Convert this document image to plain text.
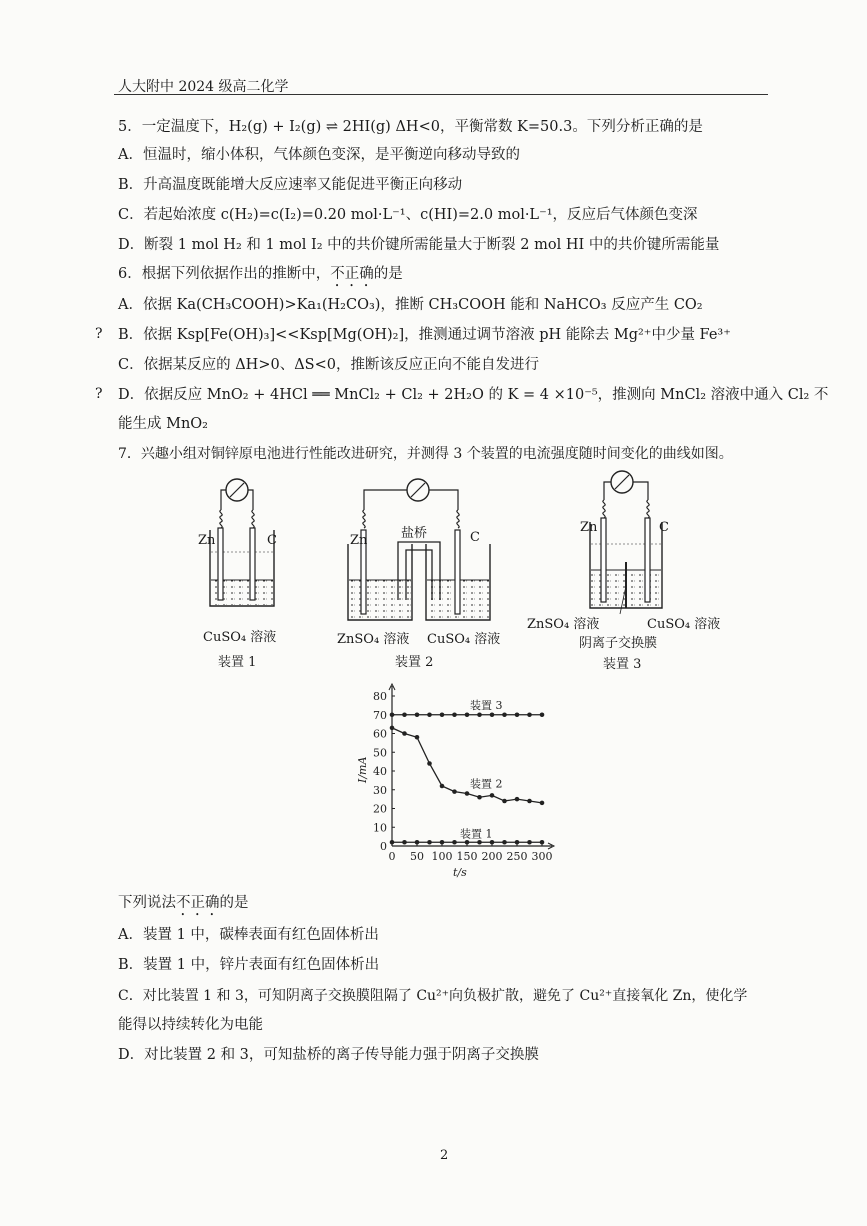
人大附中 2024 级高二化学
5．一定温度下，H₂(g) + I₂(g) ⇌ 2HI(g) ΔH<0，平衡常数 K=50.3。下列分析正确的是
A．恒温时，缩小体积，气体颜色变深，是平衡逆向移动导致的
B．升高温度既能增大反应速率又能促进平衡正向移动
C．若起始浓度 c(H₂)=c(I₂)=0.20 mol·L⁻¹、c(HI)=2.0 mol·L⁻¹，反应后气体颜色变深
D．断裂 1 mol H₂ 和 1 mol I₂ 中的共价键所需能量大于断裂 2 mol HI 中的共价键所需能量
6．根据下列依据作出的推断中，不正确的是
A．依据 Ka(CH₃COOH)>Ka₁(H₂CO₃)，推断 CH₃COOH 能和 NaHCO₃ 反应产生 CO₂
? B．依据 Ksp[Fe(OH)₃]<<Ksp[Mg(OH)₂]，推测通过调节溶液 pH 能除去 Mg²⁺中少量 Fe³⁺
C．依据某反应的 ΔH>0、ΔS<0，推断该反应正向不能自发进行
? D．依据反应 MnO₂ + 4HCl ══ MnCl₂ + Cl₂ + 2H₂O 的 K = 4 ×10⁻⁵，推测向 MnCl₂ 溶液中通入 Cl₂ 不
能生成 MnO₂
7．兴趣小组对铜锌原电池进行性能改进研究，并测得 3 个装置的电流强度随时间变化的曲线如图。
Zn	C
CuSO₄ 溶液
装置 1
Zn	C
盐桥
ZnSO₄ 溶液 CuSO₄ 溶液
装置 2
Zn	C
ZnSO₄ 溶液	CuSO₄ 溶液
阴离子交换膜
装置 3
0 50 100 150 200 250 300
0
10
20
30
40
50
60
70
80
t/s
I/mA
装置 3
装置 2
装置 1
下列说法不正确的是
A．装置 1 中，碳棒表面有红色固体析出
B．装置 1 中，锌片表面有红色固体析出
C．对比装置 1 和 3，可知阴离子交换膜阻隔了 Cu²⁺向负极扩散，避免了 Cu²⁺直接氧化 Zn，使化学
能得以持续转化为电能
D．对比装置 2 和 3，可知盐桥的离子传导能力强于阴离子交换膜
2
